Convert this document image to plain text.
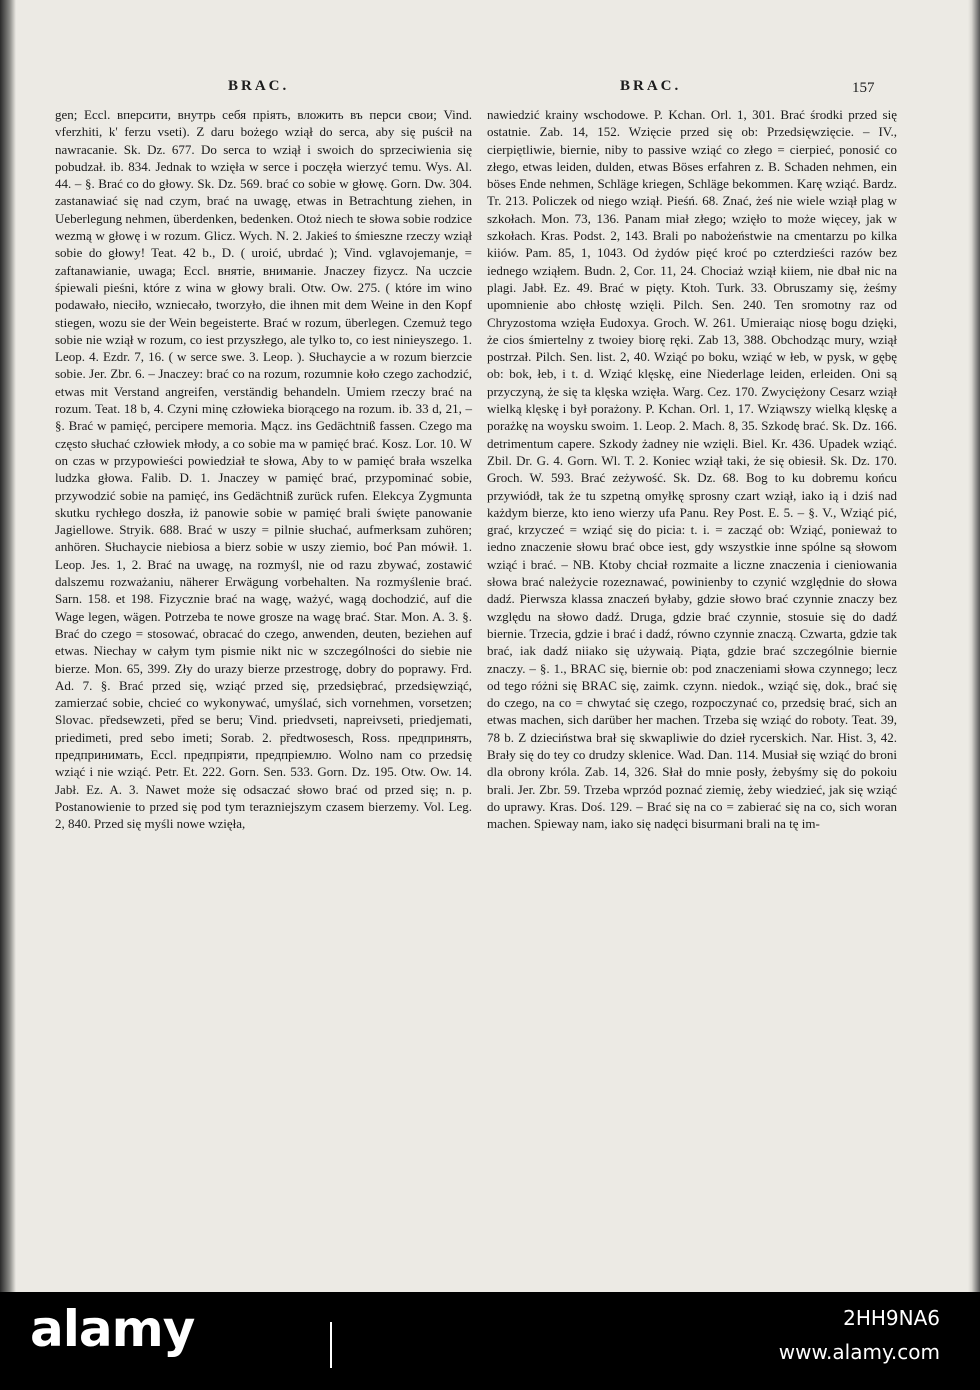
BRAC.	BRAC.	157

gen; Eccl. вперсити, внутрь себя прiять, вложить въ перси свои; Vind. vferzhiti, k' ferzu vseti). Z daru bożego wziął do serca, aby się puścił na nawracanie. Sk. Dz. 677. Do serca to wziął i swoich do sprzeciwienia się pobudzał. ib. 834. Jednak to wzięła w serce i poczęła wierzyć temu. Wys. Al. 44. – §. Brać co do głowy. Sk. Dz. 569. brać co sobie w głowę. Gorn. Dw. 304. zastanawiać się nad czym, brać na uwagę, etwas in Betrachtung ziehen, in Ueberlegung nehmen, überdenken, bedenken. Otoż niech te słowa sobie rodzice wezmą w głowę i w rozum. Glicz. Wych. N. 2. Jakieś to śmieszne rzeczy wziął sobie do głowy! Teat. 42 b., D. ( uroić, ubrdać ); Vind. vglavojemanje, = zaftanawianie, uwaga; Eccl. внятiе, вниманiе. Jnaczey fizycz. Na uczcie śpiewali pieśni, które z wina w głowy brali. Otw. Ow. 275. ( które im wino podawało, nieciło, wzniecało, tworzyło, die ihnen mit dem Weine in den Kopf stiegen, wozu sie der Wein begeisterte. Brać w rozum, überlegen. Czemuż tego sobie nie wziął w rozum, co iest przyszłego, ale tylko to, co iest ninieyszego. 1. Leop. 4. Ezdr. 7, 16. ( w serce swe. 3. Leop. ). Słuchaycie a w rozum bierzcie sobie. Jer. Zbr. 6. – Jnaczey: brać co na rozum, rozumnie koło czego zachodzić, etwas mit Verstand angreifen, verständig behandeln. Umiem rzeczy brać na rozum. Teat. 18 b, 4. Czyni minę człowieka biorącego na rozum. ib. 33 d, 21, – §. Brać w pamięć, percipere memoria. Mącz. ins Gedächtniß fassen. Czego ma często słuchać człowiek młody, a co sobie ma w pamięć brać. Kosz. Lor. 10. W on czas w przypowieści powiedział te słowa, Aby to w pamięć brała wszelka ludzka głowa. Falib. D. 1. Jnaczey w pamięć brać, przypominać sobie, przywodzić sobie na pamięć, ins Gedächtniß zurück rufen. Elekcya Zygmunta skutku rychłego doszła, iż panowie sobie w pamięć brali święte panowanie Jagiellowe. Stryik. 688. Brać w uszy = pilnie słuchać, aufmerksam zuhören; anhören. Słuchaycie niebiosa a bierz sobie w uszy ziemio, boć Pan mówił. 1. Leop. Jes. 1, 2. Brać na uwagę, na rozmyśl, nie od razu zbywać, zostawić dalszemu rozważaniu, näherer Erwägung vorbehalten. Na rozmyślenie brać. Sarn. 158. et 198. Fizycznie brać na wagę, ważyć, wagą dochodzić, auf die Wage legen, wägen. Potrzeba te nowe grosze na wagę brać. Star. Mon. A. 3. §. Brać do czego = stosować, obracać do czego, anwenden, deuten, beziehen auf etwas. Niechay w całym tym pismie nikt nic w szczególności do siebie nie bierze. Mon. 65, 399. Zły do urazy bierze przestrogę, dobry do poprawy. Frd. Ad. 7. §. Brać przed się, wziąć przed się, przedsiębrać, przedsięwziąć, zamierzać sobie, chcieć co wykonywać, umyślać, sich vornehmen, vorsetzen; Slovac. předsewzeti, před se beru; Vind. priedvseti, napreivseti, priedjemati, priedimeti, pred sebo imeti; Sorab. 2. předtwosesch, Ross. предпринять, предпринимать, Eccl. предпрiяти, предпрiемлю. Wolno nam co przedsię wziąć i nie wziąć. Petr. Et. 222. Gorn. Sen. 533. Gorn. Dz. 195. Otw. Ow. 14. Jabł. Ez. A. 3. Nawet może się odsaczać słowo brać od przed się; n. p. Postanowienie to przed się pod tym terazniejszym czasem bierzemy. Vol. Leg. 2, 840. Przed się myśli nowe wzięła,

nawiedzić krainy wschodowe. P. Kchan. Orl. 1, 301. Brać środki przed się ostatnie. Zab. 14, 152. Wzięcie przed się ob: Przedsięwzięcie. – IV., cierpiętliwie, biernie, niby to passive wziąć co złego = cierpieć, ponosić co złego, etwas leiden, dulden, etwas Böses erfahren z. B. Schaden nehmen, ein böses Ende nehmen, Schläge kriegen, Schläge bekommen. Karę wziąć. Bardz. Tr. 213. Policzek od niego wziął. Pieśń. 68. Znać, żeś nie wiele wziął plag w szkołach. Mon. 73, 136. Panam miał złego; wzięło to może więcey, jak w szkołach. Kras. Podst. 2, 143. Brali po nabożeństwie na cmentarzu po kilka kiiów. Pam. 85, 1, 1043. Od żydów pięć kroć po czterdzieści razów bez iednego wziąłem. Budn. 2, Cor. 11, 24. Chociaż wziął kiiem, nie dbał nic na plagi. Jabł. Ez. 49. Brać w pięty. Ktoh. Turk. 33. Obruszamy się, żeśmy upomnienie abo chłostę wzięli. Pilch. Sen. 240. Ten sromotny raz od Chryzostoma wzięła Eudoxya. Groch. W. 261. Umieraiąc niosę bogu dzięki, że cios śmiertelny z twoiey biorę ręki. Zab 13, 388. Obchodząc mury, wziął postrzał. Pilch. Sen. list. 2, 40. Wziąć po boku, wziąć w łeb, w pysk, w gębę ob: bok, łeb, i t. d. Wziąć klęskę, eine Niederlage leiden, erleiden. Oni są przyczyną, że się ta klęska wzięła. Warg. Cez. 170. Zwyciężony Cesarz wziął wielką klęskę i był porażony. P. Kchan. Orl. 1, 17. Wziąwszy wielką klęskę a porażkę na woysku swoim. 1. Leop. 2. Mach. 8, 35. Szkodę brać. Sk. Dz. 166. detrimentum capere. Szkody żadney nie wzięli. Biel. Kr. 436. Upadek wziąć. Zbil. Dr. G. 4. Gorn. Wl. T. 2. Koniec wziął taki, że się obiesił. Sk. Dz. 170. Groch. W. 593. Brać zeżywość. Sk. Dz. 68. Bog to ku dobremu końcu przywiódł, tak że tu szpetną omyłkę sprosny czart wziął, iako ią i dziś nad każdym bierze, kto ieno wierzy ufa Panu. Rey Post. E. 5. – §. V., Wziąć pić, grać, krzyczeć = wziąć się do picia: t. i. = zacząć ob: Wziąć, ponieważ to iedno znaczenie słowu brać obce iest, gdy wszystkie inne spólne są słowom wziąć i brać. – NB. Ktoby chciał rozmaite a liczne znaczenia i cieniowania słowa brać należycie rozeznawać, powinienby to czynić względnie do słowa dadź. Pierwsza klassa znaczeń byłaby, gdzie słowo brać czynnie znaczy bez względu na słowo dadź. Druga, gdzie brać czynnie, stosuie się do dadź biernie. Trzecia, gdzie i brać i dadź, równo czynnie znaczą. Czwarta, gdzie tak brać, iak dadź niiako się używaią. Piąta, gdzie brać szczególnie biernie znaczy. – §. 1., BRAC się, biernie ob: pod znaczeniami słowa czynnego; lecz od tego różni się BRAC się, zaimk. czynn. niedok., wziąć się, dok., brać się do czego, na co = chwytać się czego, rozpoczynać co, przedsię brać, sich an etwas machen, sich darüber her machen. Trzeba się wziąć do roboty. Teat. 39, 78 b. Z dzieciństwa brał się skwapliwie do dzieł rycerskich. Nar. Hist. 3, 42. Brały się do tey co drudzy sklenice. Wad. Dan. 114. Musiał się wziąć do broni dla obrony króla. Zab. 14, 326. Słał do mnie posły, żebyśmy się do pokoiu brali. Jer. Zbr. 59. Trzeba wprzód poznać ziemię, żeby wiedzieć, jak się wziąć do uprawy. Kras. Doś. 129. – Brać się na co = zabierać się na co, sich woran machen. Spieway nam, iako się nadęci bisurmani brali na tę im-

alamy	2HH9NA6
www.alamy.com
